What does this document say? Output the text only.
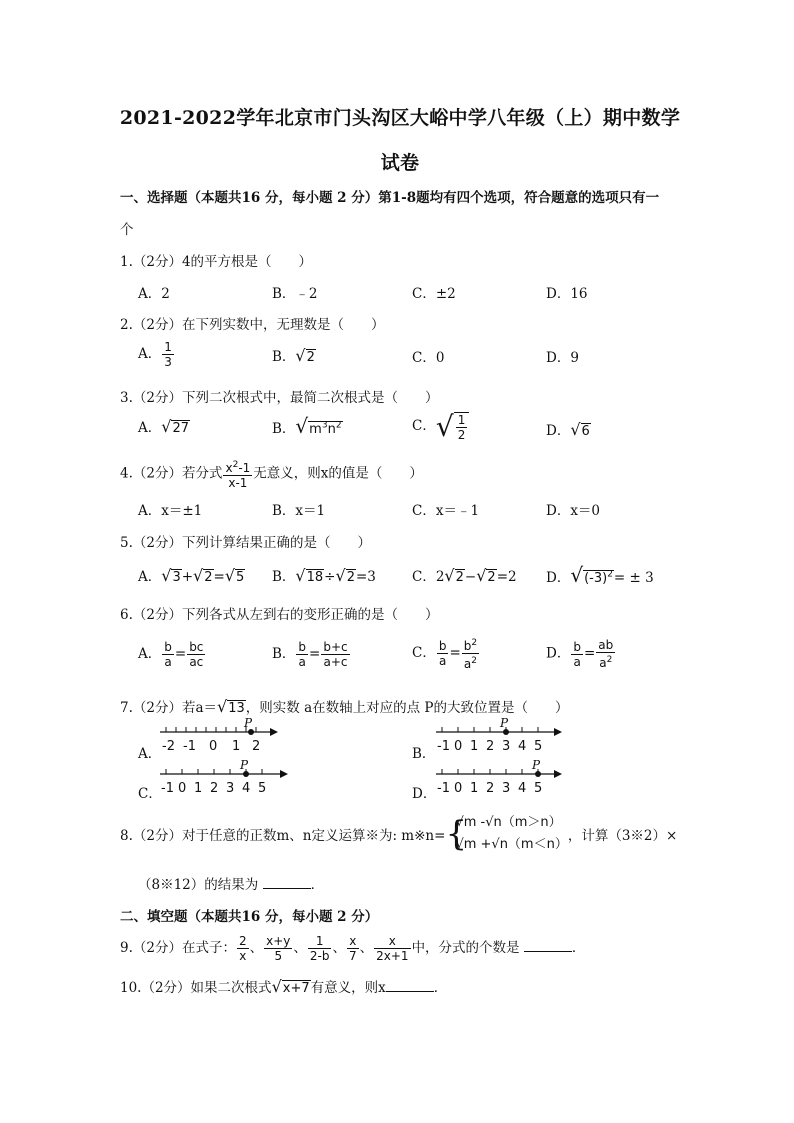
2021-2022学年北京市门头沟区大峪中学八年级（上）期中数学
试卷
一、选择题（本题共16 分，每小题 2 分）第1-8题均有四个选项，符合题意的选项只有一
个
1.（2分）4的平方根是（　　）
A．2	B．﹣2	C．±2	D．16
2.（2分）在下列实数中，无理数是（　　）
A． $\frac{1}{3}$	B．√2	C．0	D．9
3.（2分）下列二次根式中，最简二次根式是（　　）
A．√27	B．$√m^3n^2$	C．√ $\frac{1}{2}$	D．√6
4.（2分）若分式 $\frac{x^2-1}{x-1}$ 无意义，则x的值是（　　）
A．x＝±1	B．x＝1	C．x＝﹣1	D．x＝0
5.（2分）下列计算结果正确的是（　　）
A．√3+√2=√5 B．√18÷√2=3	C．2√2−√2=2 D．$√(-3)^2= \pm 3$
6.（2分）下列各式从左到右的变形正确的是（　　）
A． $\frac{b}{a} = \frac{bc}{ac}$	B． $\frac{b}{a} = \frac{b+c}{a+c}$	C． $\frac{b}{a} = \frac{b^2}{a^2}$	D． $\frac{b}{a} = \frac{ab}{a^2}$
7.（2分）若a＝√13，则实数 a在数轴上对应的点 P的大致位置是（　　）
A．
P
-2 -1 0 1 2	B．
P
-1 0 1 2 3 4 5
C．
P
-1 0 1 2 3 4 5	D．
P
-1 0 1 2 3 4 5
8.（2分）对于任意的正数m、n定义运算※为: m※n= {
√m -√n（m＞n）
√m +√n（m＜n）
，计算（3※2）×
（8※12）的结果为	．
二、填空题（本题共16 分，每小题 2 分）
9.（2分）在式子： $\frac{2}{x}$ 、 $\frac{x+y}{5}$ 、 $\frac{1}{2-b}$ 、 $\frac{x}{7}$ 、 $\frac{x}{2x+1}$ 中，分式的个数是	．
10.（2分）如果二次根式√x+7有意义，则x	．
